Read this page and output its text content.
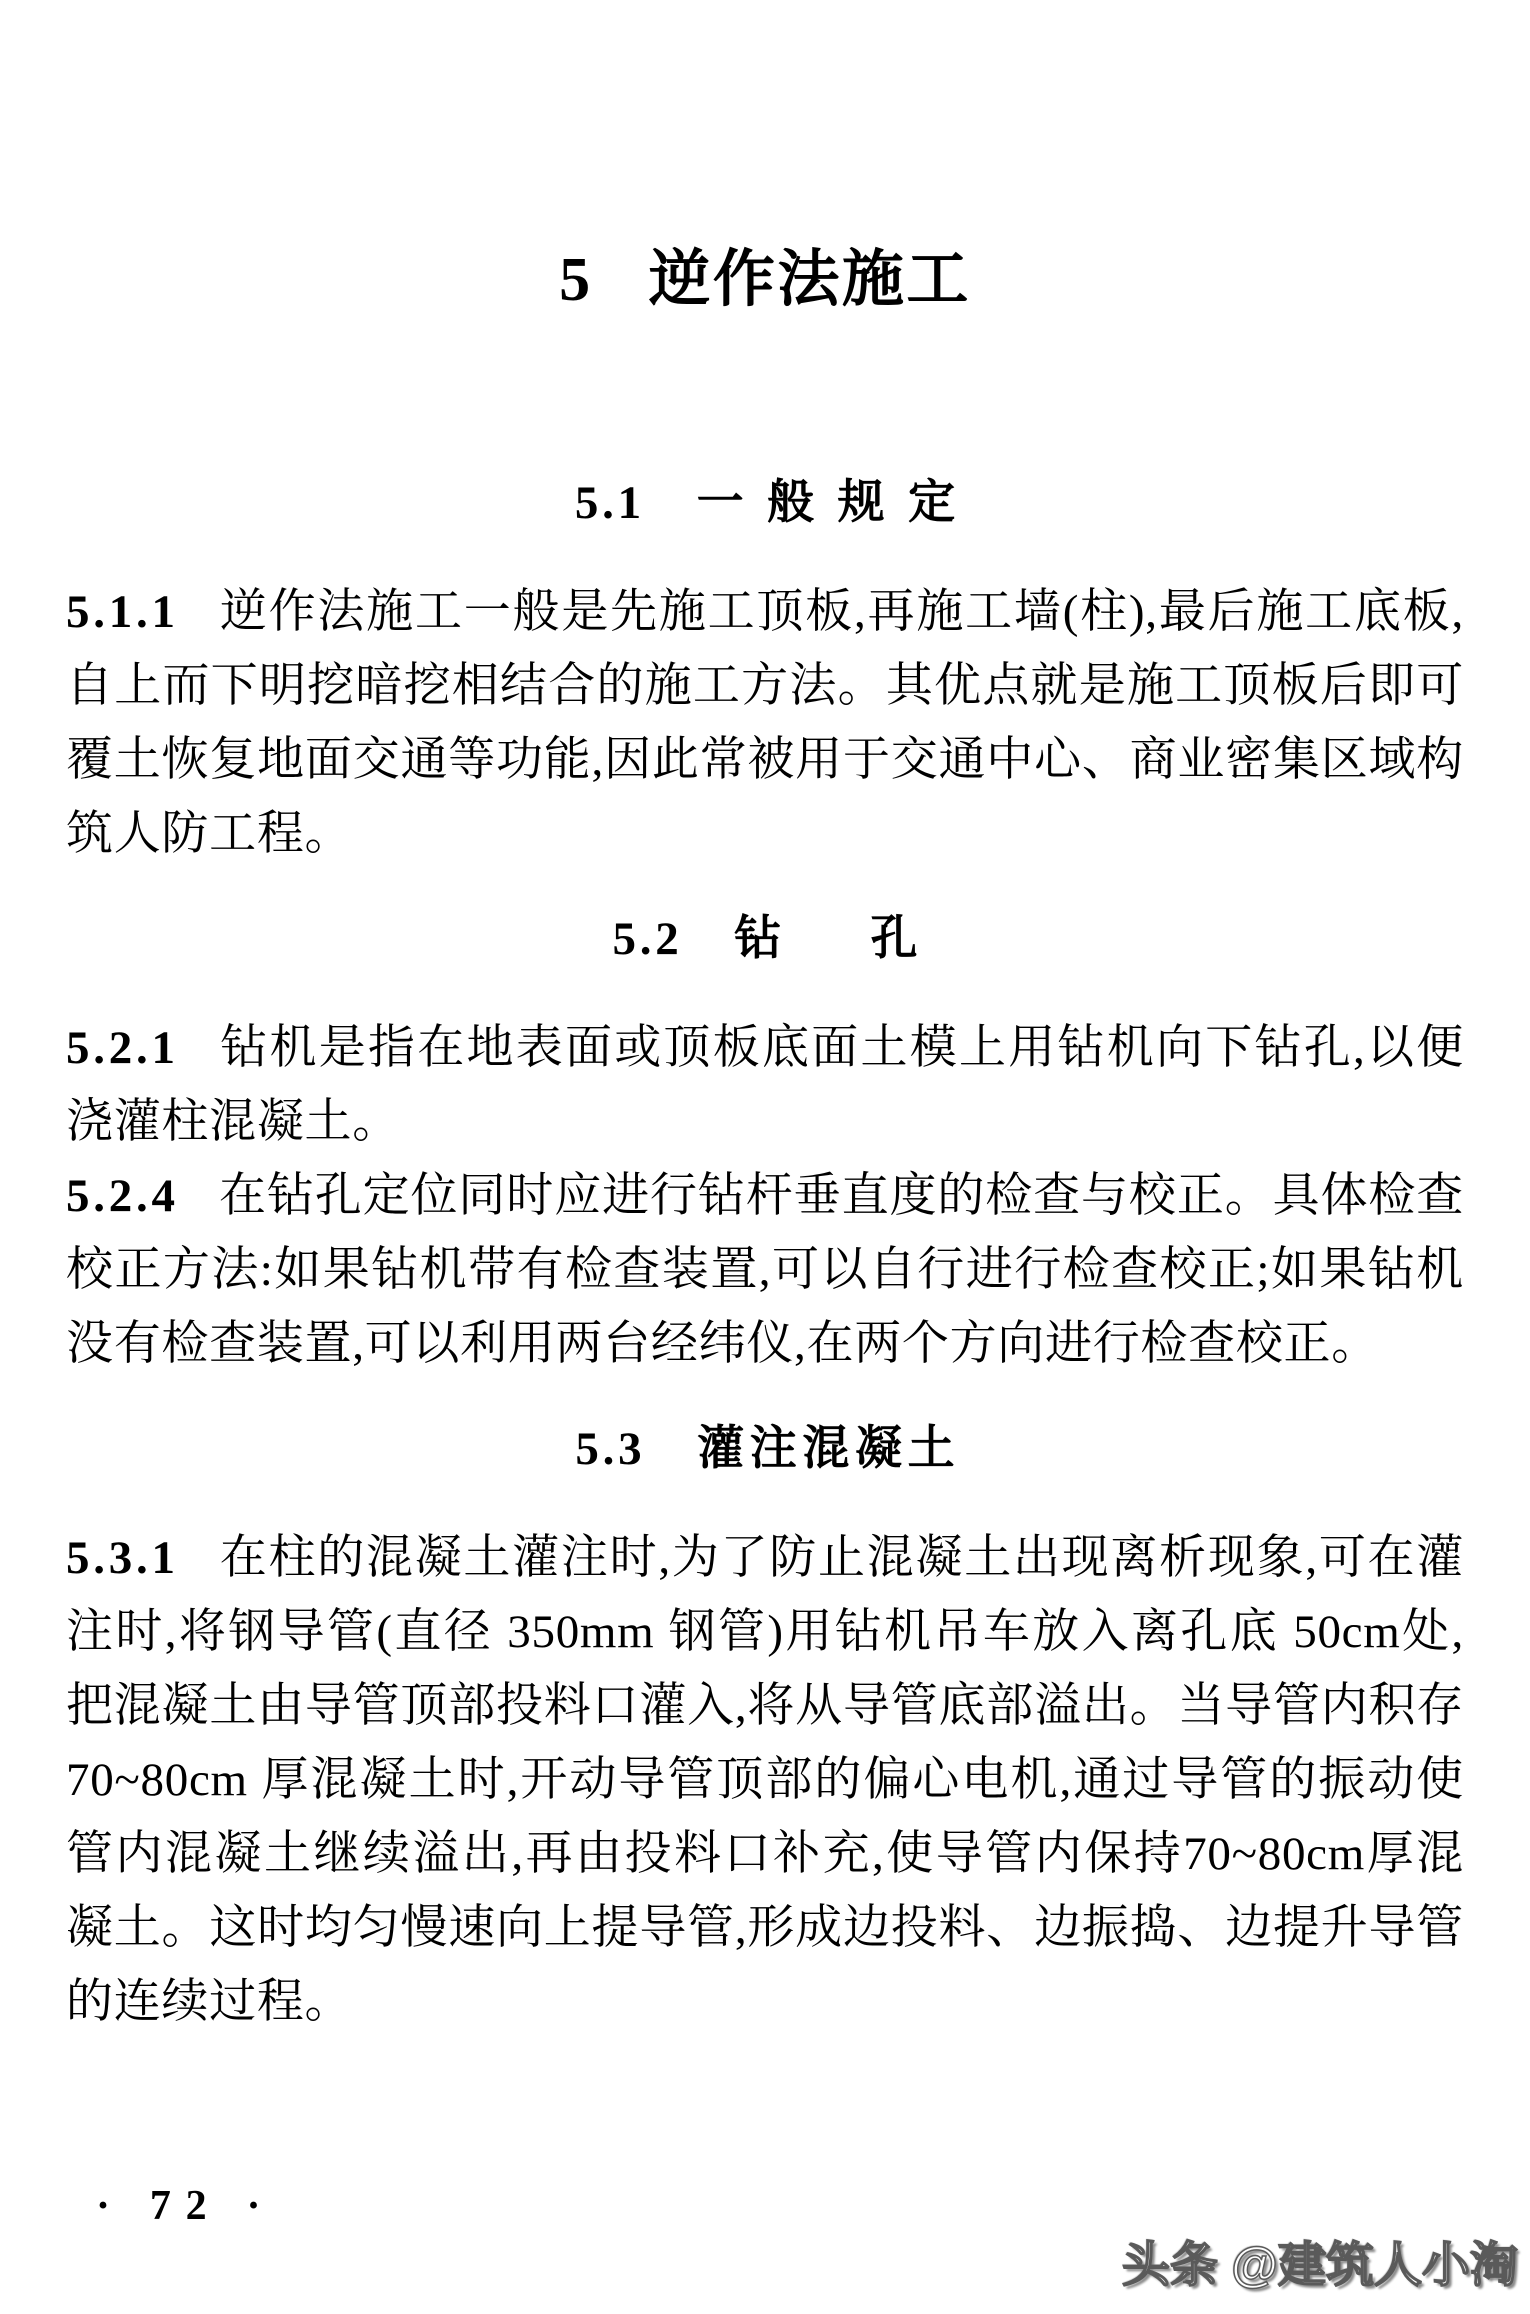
5 逆作法施工
5.1 一般规定

5.1.1 逆作法施工一般是先施工顶板,再施工墙(柱),最后施工底板,自上而下明挖暗挖相结合的施工方法。其优点就是施工顶板后即可覆土恢复地面交通等功能,因此常被用于交通中心、商业密集区域构筑人防工程。

5.2 钻孔

5.2.1 钻机是指在地表面或顶板底面土模上用钻机向下钻孔,以便浇灌柱混凝土。

5.2.4 在钻孔定位同时应进行钻杆垂直度的检查与校正。具体检查校正方法:如果钻机带有检查装置,可以自行进行检查校正;如果钻机没有检查装置,可以利用两台经纬仪,在两个方向进行检查校正。

5.3 灌注混凝土

5.3.1 在柱的混凝土灌注时,为了防止混凝土出现离析现象,可在灌注时,将钢导管(直径 350mm 钢管)用钻机吊车放入离孔底 50cm处,把混凝土由导管顶部投料口灌入,将从导管底部溢出。当导管内积存 70~80cm 厚混凝土时,开动导管顶部的偏心电机,通过导管的振动使管内混凝土继续溢出,再由投料口补充,使导管内保持70~80cm厚混凝土。这时均匀慢速向上提导管,形成边投料、边振捣、边提升导管的连续过程。

· 72 ·
头条 @建筑人小淘
